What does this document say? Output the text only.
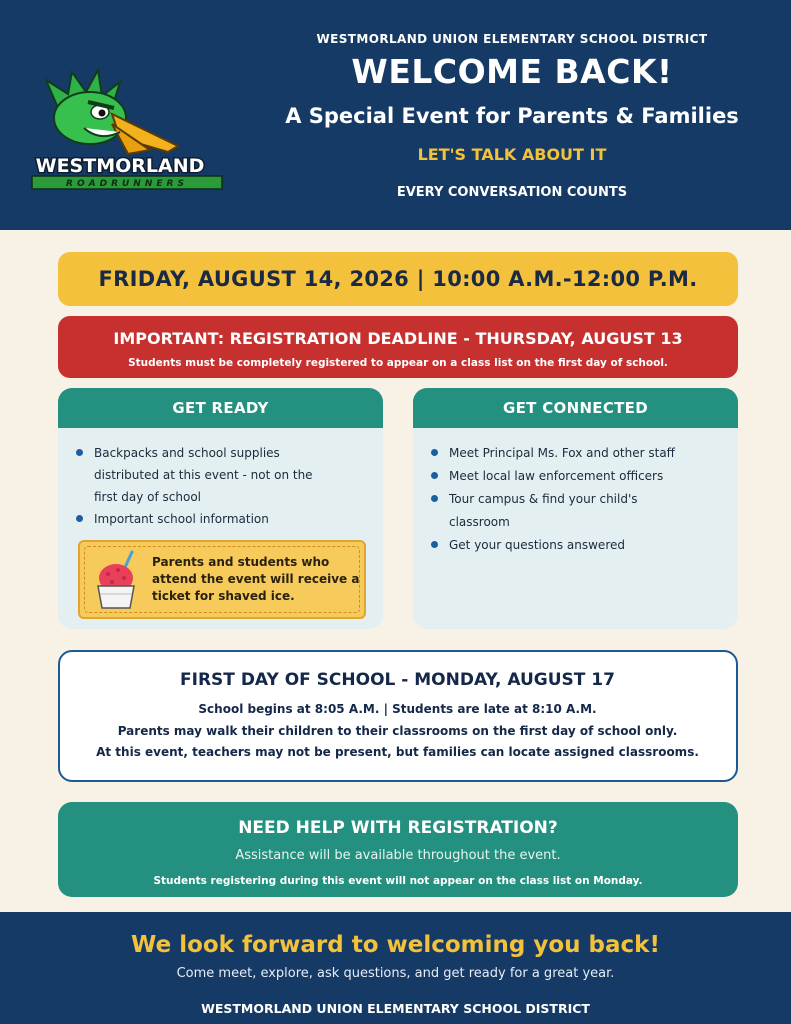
ROADRUNNERS
WESTMORLAND
WESTMORLAND UNION ELEMENTARY SCHOOL DISTRICT
WELCOME BACK!
A Special Event for Parents & Families
LET'S TALK ABOUT IT
EVERY CONVERSATION COUNTS
FRIDAY, AUGUST 14, 2026 | 10:00 A.M.-12:00 P.M.
IMPORTANT: REGISTRATION DEADLINE - THURSDAY, AUGUST 13
Students must be completely registered to appear on a class list on the first day of school.
GET READY
Backpacks and school supplies distributed at this event - not on the first day of school
Important school information
Parents and students who attend the event will receive a ticket for shaved ice.
GET CONNECTED
Meet Principal Ms. Fox and other staff
Meet local law enforcement officers
Tour campus & find your child's classroom
Get your questions answered
FIRST DAY OF SCHOOL - MONDAY, AUGUST 17
School begins at 8:05 A.M. | Students are late at 8:10 A.M.
Parents may walk their children to their classrooms on the first day of school only.
At this event, teachers may not be present, but families can locate assigned classrooms.
NEED HELP WITH REGISTRATION?
Assistance will be available throughout the event.
Students registering during this event will not appear on the class list on Monday.
We look forward to welcoming you back!
Come meet, explore, ask questions, and get ready for a great year.
WESTMORLAND UNION ELEMENTARY SCHOOL DISTRICT
